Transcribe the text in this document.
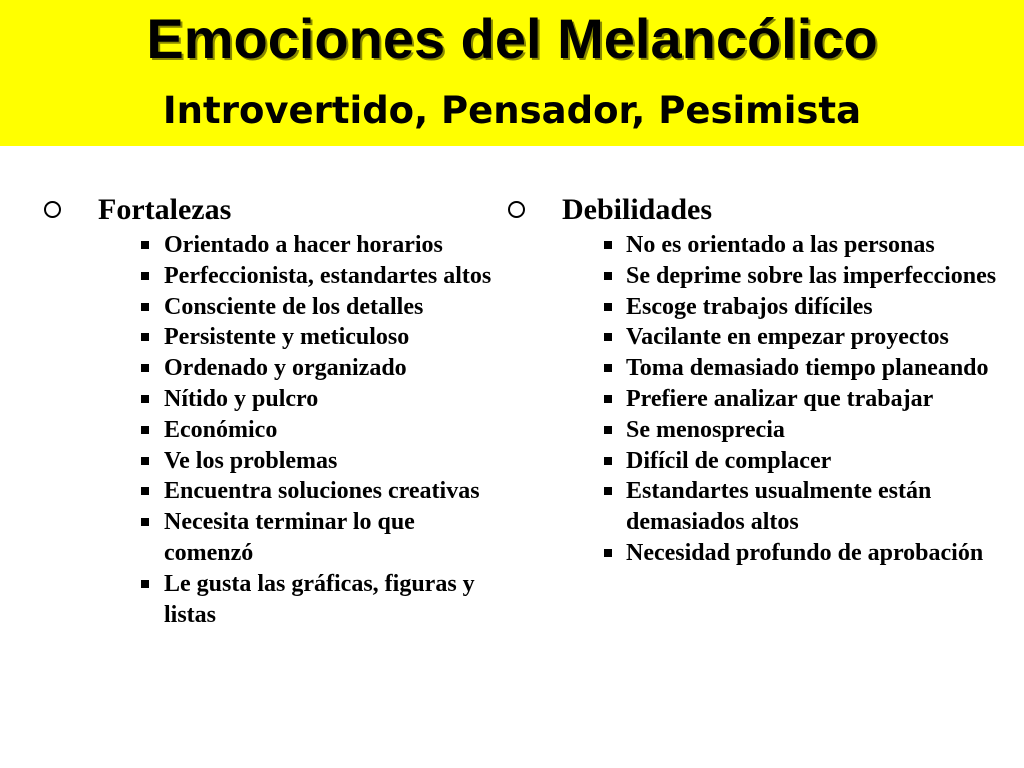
Emociones del Melancólico
Introvertido, Pensador, Pesimista
Fortalezas
Orientado a hacer horarios
Perfeccionista, estandartes altos
Consciente de los detalles
Persistente y meticuloso
Ordenado y organizado
Nítido y pulcro
Económico
Ve los problemas
Encuentra soluciones creativas
Necesita terminar lo que comenzó
Le gusta las gráficas, figuras y listas
Debilidades
No es orientado a las personas
Se deprime sobre las imperfecciones
Escoge trabajos difíciles
Vacilante en empezar proyectos
Toma demasiado tiempo planeando
Prefiere analizar que trabajar
Se menosprecia
Difícil de complacer
Estandartes usualmente están demasiados altos
Necesidad profundo de aprobación
